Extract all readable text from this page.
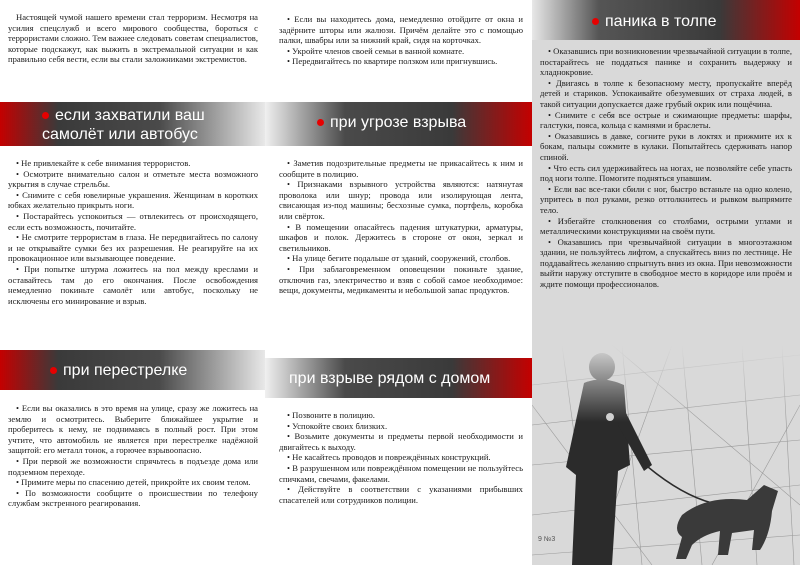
Настоящей чумой нашего времени стал терроризм. Несмотря на усилия спецслужб и всего мирового сообщества, бороться с террористами сложно. Тем важнее следовать советам специалистов, которые подскажут, как выжить в экстремальной ситуации и как правильно себя вести, если вы стали заложниками экстремистов.

если захватили ваш
самолёт или автобус

• Не привлекайте к себе внимания террористов.

• Осмотрите внимательно салон и отметьте места возможного укрытия в случае стрельбы.

• Снимите с себя ювелирные украшения. Женщинам в коротких юбках желательно прикрыть ноги.

• Постарайтесь успокоиться — отвлекитесь от происходящего, если есть возможность, почитайте.

• Не смотрите террористам в глаза. Не передвигайтесь по салону и не открывайте сумки без их разрешения. Не реагируйте на их провокационное или вызывающее поведение.

• При попытке штурма ложитесь на пол между креслами и оставайтесь там до его окончания. После освобождения немедленно покиньте самолёт или автобус, поскольку не исключены его минирование и взрыв.

при перестрелке

• Если вы оказались в это время на улице, сразу же ложитесь на землю и осмотритесь. Выберите ближайшее укрытие и проберитесь к нему, не поднимаясь в полный рост. При этом учтите, что автомобиль не является при перестрелке надёжной защитой: его металл тонок, а горючее взрывоопасно.

• При первой же возможности спрячьтесь в подъезде дома или подземном переходе.

• Примите меры по спасению детей, прикройте их своим телом.

• По возможности сообщите о происшествии по телефону службам экстренного реагирования.

• Если вы находитесь дома, немедленно отойдите от окна и задёрните шторы или жалюзи. Причём делайте это с помощью палки, швабры или за нижний край, сидя на корточках.

• Укройте членов своей семьи в ванной комнате.

• Передвигайтесь по квартире ползком или пригнувшись.

при угрозе взрыва

• Заметив подозрительные предметы не прикасайтесь к ним и сообщите в полицию.

• Признаками взрывного устройства являются: натянутая проволока или шнур; провода или изолирующая лента, свисающая из-под машины; бесхозные сумка, портфель, коробка или свёрток.

• В помещении опасайтесь падения штукатурки, арматуры, шкафов и полок. Держитесь в стороне от окон, зеркал и светильников.

• На улице бегите подальше от зданий, сооружений, столбов.

• При заблаговременном оповещении покиньте здание, отключив газ, электричество и взяв с собой самое необходимое: вещи, документы, медикаменты и небольшой запас продуктов.

при взрыве рядом с домом

• Позвоните в полицию.

• Успокойте своих близких.

• Возьмите документы и предметы первой необходимости и двигайтесь к выходу.

• Не касайтесь проводов и повреждённых конструкций.

• В разрушенном или повреждённом помещении не пользуйтесь спичками, свечами, факелами.

• Действуйте в соответствии с указаниями прибывших спасателей или сотрудников полиции.

паника в толпе

• Оказавшись при возникновении чрезвычайной ситуации в толпе, постарайтесь не поддаться панике и сохранить выдержку и хладнокровие.

• Двигаясь в толпе к безопасному месту, пропускайте вперёд детей и стариков. Успокаивайте обезумевших от страха людей, в такой ситуации допускается даже грубый окрик или пощёчина.

• Снимите с себя все острые и сжимающие предметы: шарфы, галстуки, пояса, кольца с камнями и браслеты.

• Оказавшись в давке, согните руки в локтях и прижмите их к бокам, пальцы сожмите в кулаки. Попытайтесь сдерживать напор спиной.

• Что есть сил удерживайтесь на ногах, не позволяйте себе упасть под ноги толпе. Помогите подняться упавшим.

• Если вас все-таки сбили с ног, быстро встаньте на одно колено, упритесь в пол руками, резко оттолкнитесь и рывком выпрямите тело.

• Избегайте столкновения со столбами, острыми углами и металлическими конструкциями на своём пути.

• Оказавшись при чрезвычайной ситуации в многоэтажном здании, не пользуйтесь лифтом, а спускайтесь вниз по лестнице. Не поддавайтесь желанию спрыгнуть вниз из окна. При невозможности выйти наружу отступите в свободное место в коридоре или проём и ждите помощи профессионалов.
